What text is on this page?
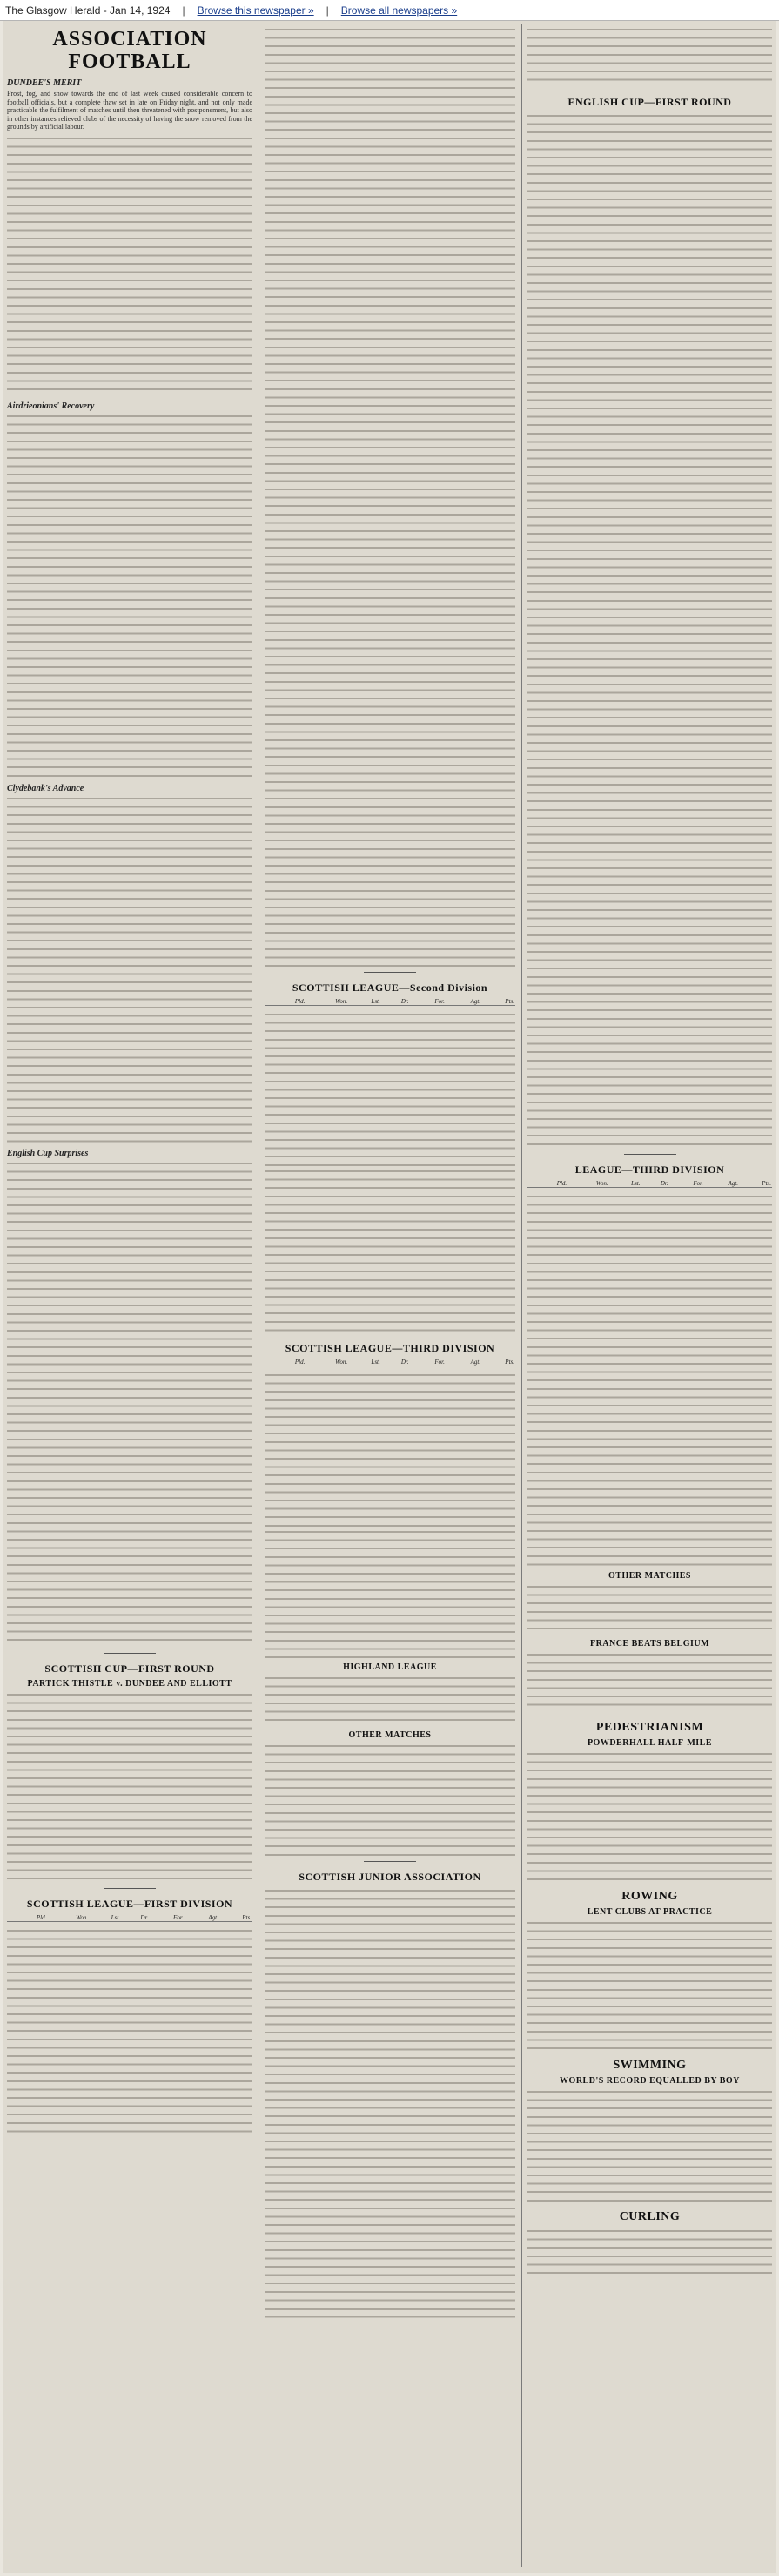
The Glasgow Herald - Jan 14, 1924 | Browse this newspaper » | Browse all newspapers »
ASSOCIATION FOOTBALL
DUNDEE'S MERIT

Frost, fog, and snow towards the end of last week caused considerable concern to football officials, but a complete thaw set in late on Friday night, and not only made practicable the fulfilment of matches until then threatened with postponement, but also in other instances relieved clubs of the necessity of having the snow removed from the grounds by artificial labour.

Airdrieonians' Recovery
Clydebank's Advance
English Cup Surprises
SCOTTISH CUP—FIRST ROUND
PARTICK THISTLE v. DUNDEE AND ELLIOTT
SCOTTISH LEAGUE—FIRST DIVISION
	Pld.	Won.	Lst.	Dr.	For.	Agt.	Pts.
SCOTTISH LEAGUE—Second Division
	Pld.	Won.	Lst.	Dr.	For.	Agt.	Pts.
SCOTTISH LEAGUE—THIRD DIVISION
	Pld.	Won.	Lst.	Dr.	For.	Agt.	Pts.
HIGHLAND LEAGUE
OTHER MATCHES
SCOTTISH JUNIOR ASSOCIATION
ENGLISH CUP—FIRST ROUND
LEAGUE—THIRD DIVISION
	Pld.	Won.	Lst.	Dr.	For.	Agt.	Pts.
OTHER MATCHES
FRANCE BEATS BELGIUM
PEDESTRIANISM
POWDERHALL HALF-MILE
ROWING
LENT CLUBS AT PRACTICE
SWIMMING
WORLD'S RECORD EQUALLED BY BOY
CURLING
